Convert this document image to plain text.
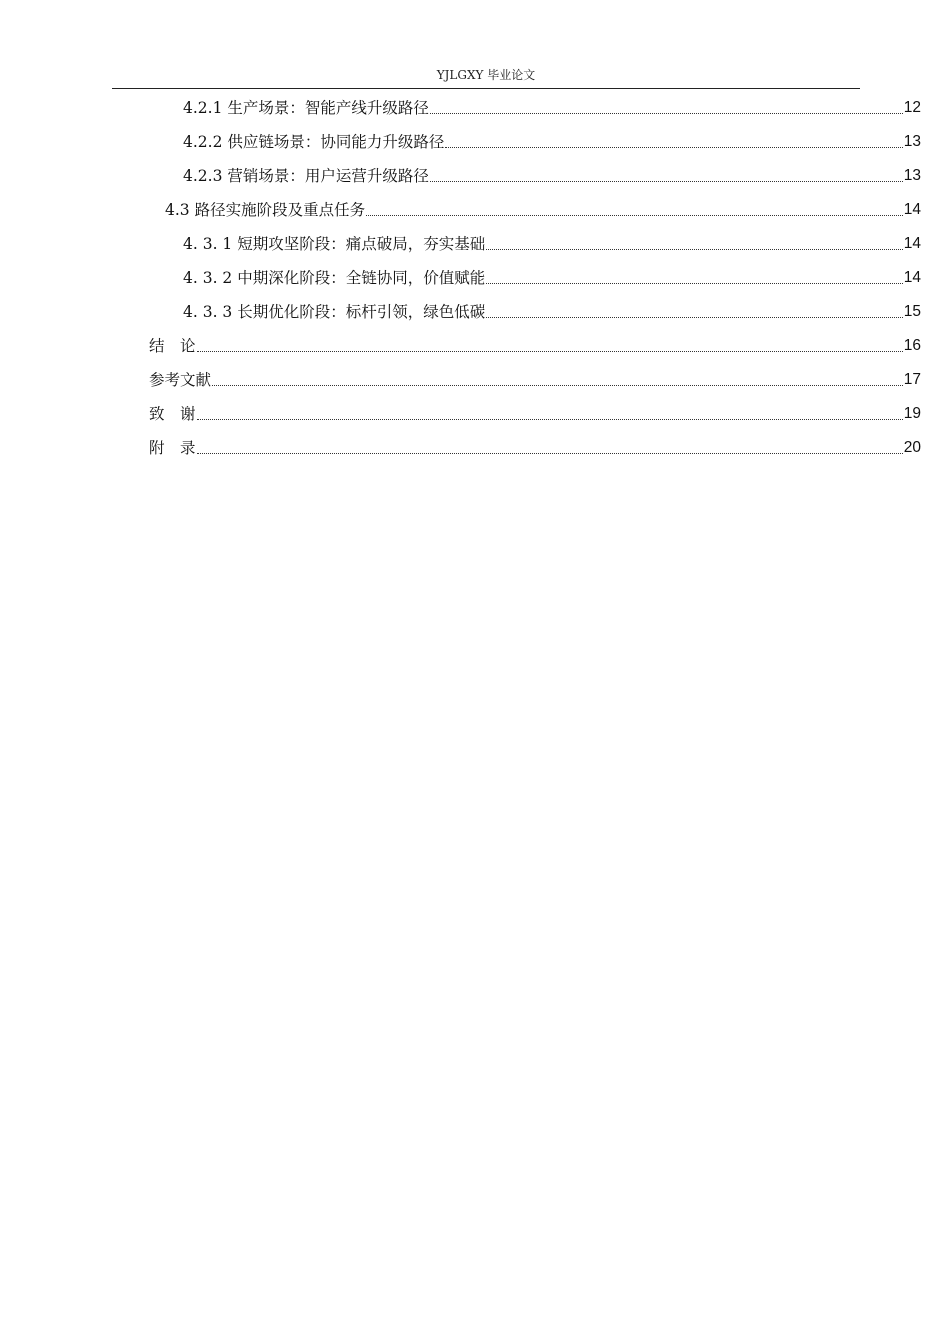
YJLGXY 毕业论文
4.2.1 生产场景：智能产线升级路径	12
4.2.2 供应链场景：协同能力升级路径	13
4.2.3 营销场景：用户运营升级路径	13
4.3 路径实施阶段及重点任务	14
4. 3. 1 短期攻坚阶段：痛点破局，夯实基础	14
4. 3. 2 中期深化阶段：全链协同，价值赋能	14
4. 3. 3 长期优化阶段：标杆引领，绿色低碳	15
结　论	16
参考文献	17
致　谢	19
附　录	20
